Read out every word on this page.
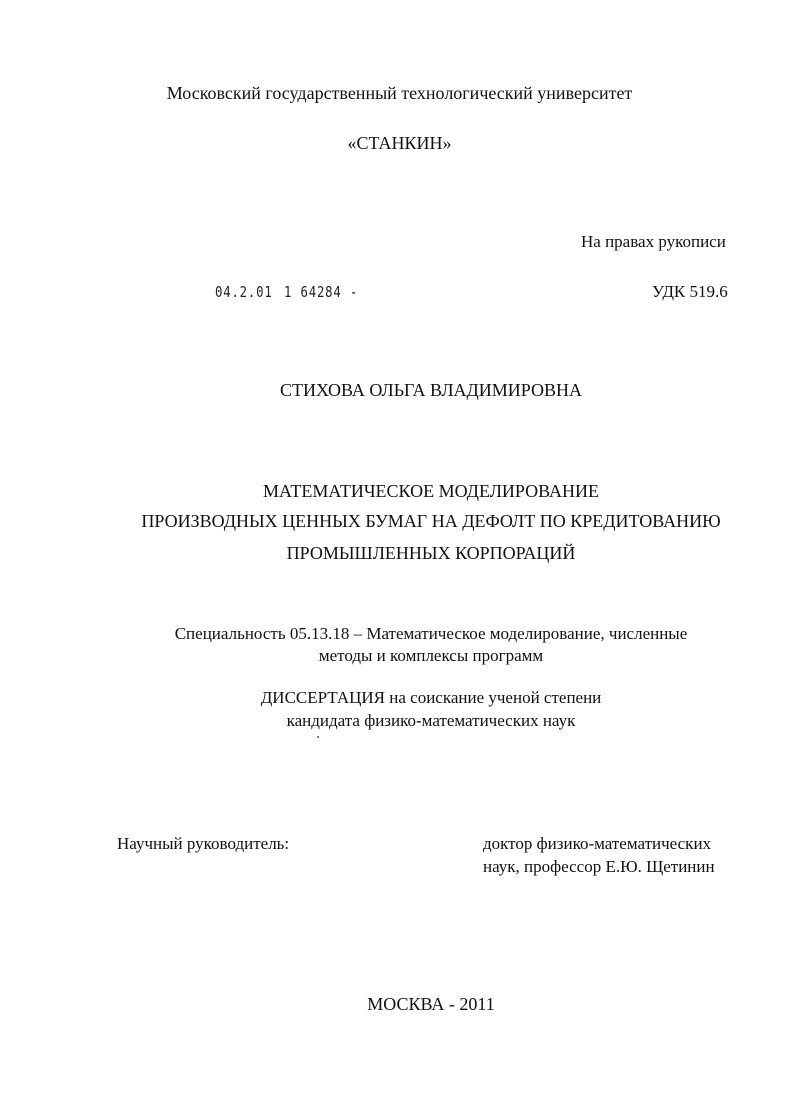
Московский государственный технологический университет
«СТАНКИН»
На правах рукописи
04.2.01 1 64284 -	УДК 519.6
СТИХОВА ОЛЬГА ВЛАДИМИРОВНА
МАТЕМАТИЧЕСКОЕ МОДЕЛИРОВАНИЕ
ПРОИЗВОДНЫХ ЦЕННЫХ БУМАГ НА ДЕФОЛТ ПО КРЕДИТОВАНИЮ
ПРОМЫШЛЕННЫХ КОРПОРАЦИЙ
Специальность 05.13.18 – Математическое моделирование, численные
методы и комплексы программ
ДИССЕРТАЦИЯ на соискание ученой степени
кандидата физико-математических наук
Научный руководитель:	доктор физико-математических
наук, профессор Е.Ю. Щетинин
МОСКВА - 2011
